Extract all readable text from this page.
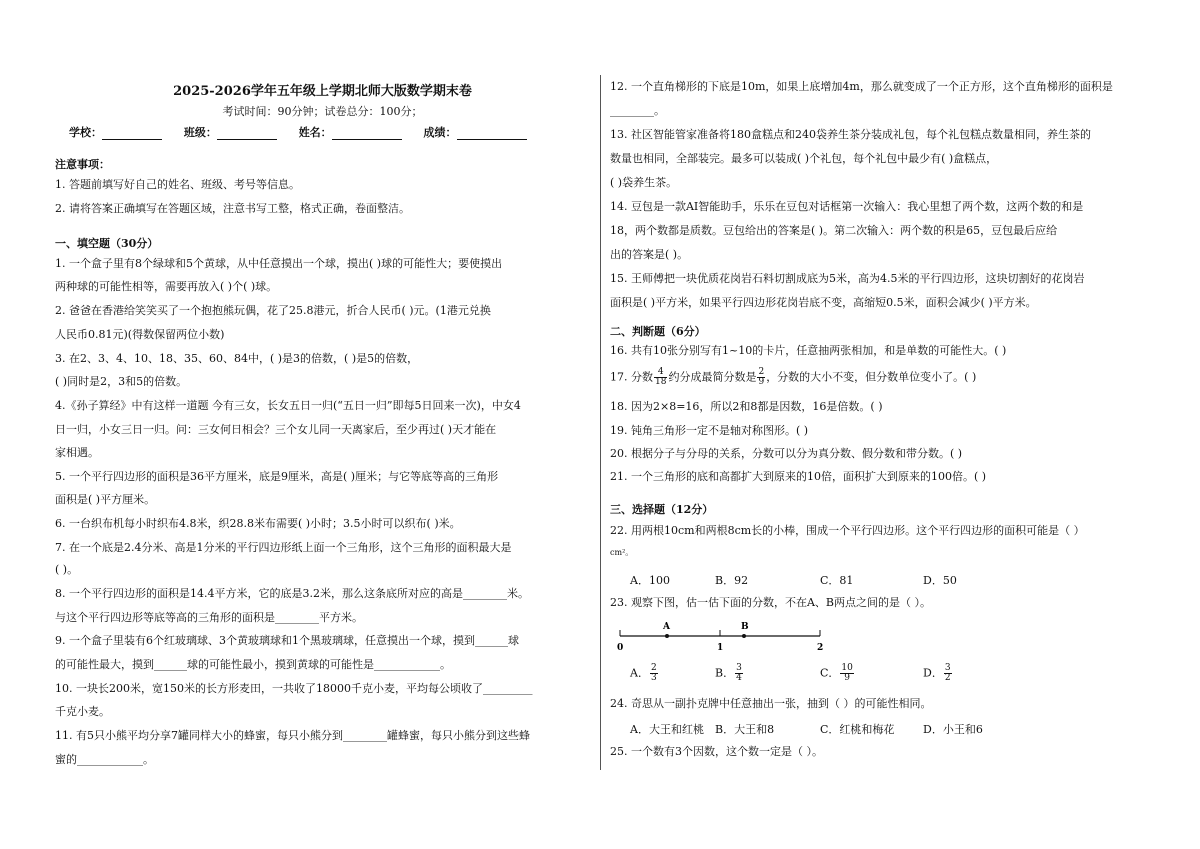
2025-2026学年五年级上学期北师大版数学期末卷
考试时间：90分钟；试卷总分：100分；
学校：	班级：	姓名：	成绩：
注意事项：
1. 答题前填写好自己的姓名、班级、考号等信息。
2. 请将答案正确填写在答题区域，注意书写工整，格式正确，卷面整洁。
一、填空题（30分）
1. 一个盒子里有8个绿球和5个黄球，从中任意摸出一个球，摸出( )球的可能性大；要使摸出
两种球的可能性相等，需要再放入( )个( )球。
2. 爸爸在香港给笑笑买了一个抱抱熊玩偶，花了25.8港元，折合人民币( )元。(1港元兑换
人民币0.81元)(得数保留两位小数)
3. 在2、3、4、10、18、35、60、84中，( )是3的倍数，( )是5的倍数，
( )同时是2，3和5的倍数。
4.《孙子算经》中有这样一道题 今有三女，长女五日一归(“五日一归”即每5日回来一次)，中女4
日一归，小女三日一归。问：三女何日相会？三个女儿同一天离家后，至少再过( )天才能在
家相遇。
5. 一个平行四边形的面积是36平方厘米，底是9厘米，高是( )厘米；与它等底等高的三角形
面积是( )平方厘米。
6. 一台织布机每小时织布4.8米，织28.8米布需要( )小时；3.5小时可以织布( )米。
7. 在一个底是2.4分米、高是1分米的平行四边形纸上面一个三角形，这个三角形的面积最大是
( )。
8. 一个平行四边形的面积是14.4平方米，它的底是3.2米，那么这条底所对应的高是________米。
与这个平行四边形等底等高的三角形的面积是________平方米。
9. 一个盒子里装有6个红玻璃球、3个黄玻璃球和1个黑玻璃球，任意摸出一个球，摸到______球
的可能性最大，摸到______球的可能性最小，摸到黄球的可能性是____________。
10. 一块长200米，宽150米的长方形麦田，一共收了18000千克小麦，平均每公顷收了_________
千克小麦。
11. 有5只小熊平均分享7罐同样大小的蜂蜜，每只小熊分到________罐蜂蜜，每只小熊分到这些蜂
蜜的____________。
12. 一个直角梯形的下底是10m，如果上底增加4m，那么就变成了一个正方形，这个直角梯形的面积是
________。
13. 社区智能管家准备将180盒糕点和240袋养生茶分装成礼包，每个礼包糕点数量相同，养生茶的
数量也相同，全部装完。最多可以装成( )个礼包，每个礼包中最少有( )盒糕点，
( )袋养生茶。
14. 豆包是一款AI智能助手，乐乐在豆包对话框第一次输入：我心里想了两个数，这两个数的和是
18，两个数都是质数。豆包给出的答案是( )。第二次输入：两个数的积是65，豆包最后应给
出的答案是( )。
15. 王师傅把一块优质花岗岩石料切割成底为5米，高为4.5米的平行四边形，这块切割好的花岗岩
面积是( )平方米，如果平行四边形花岗岩底不变，高缩短0.5米，面积会减少( )平方米。
二、判断题（6分）
16. 共有10张分别写有1~10的卡片，任意抽两张相加，和是单数的可能性大。( )
17. 分数 $\frac{4}{18}$ 约分成最简分数是 $\frac{2}{9}$ ，分数的大小不变，但分数单位变小了。( )
18. 因为2×8=16，所以2和8都是因数，16是倍数。( )
19. 钝角三角形一定不是轴对称图形。( )
20. 根据分子与分母的关系，分数可以分为真分数、假分数和带分数。( )
21. 一个三角形的底和高都扩大到原来的10倍，面积扩大到原来的100倍。( )
三、选择题（12分）
22. 用两根10cm和两根8cm长的小棒，围成一个平行四边形。这个平行四边形的面积可能是（ ）
cm²。
A．100	B．92	C．81	D．50
23. 观察下图，估一估下面的分数，不在A、B两点之间的是（ ）。
A	B
0	1	2
A． $\frac{2}{3}$	B． $\frac{3}{4}$	C． $\frac{10}{9}$	D． $\frac{3}{2}$
24. 奇思从一副扑克牌中任意抽出一张，抽到（ ）的可能性相同。
A．大王和红桃 B．大王和8	C．红桃和梅花	D．小王和6
25. 一个数有3个因数，这个数一定是（ ）。
